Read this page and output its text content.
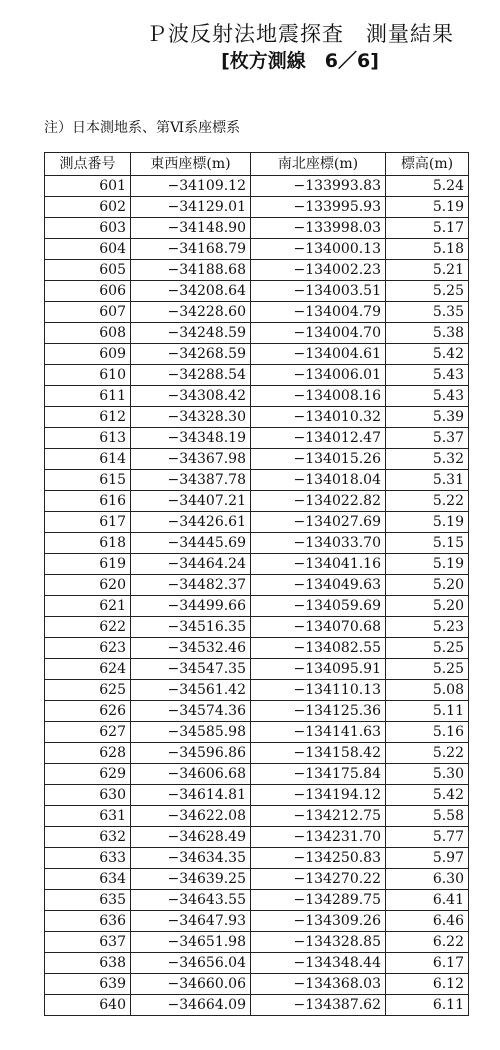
Ｐ波反射法地震探査　測量結果
[枚方測線　6／6]
注）日本測地系、第Ⅵ系座標系
測点番号	東西座標(m)	南北座標(m)	標高(m)
601	−34109.12	−133993.83	5.24
602	−34129.01	−133995.93	5.19
603	−34148.90	−133998.03	5.17
604	−34168.79	−134000.13	5.18
605	−34188.68	−134002.23	5.21
606	−34208.64	−134003.51	5.25
607	−34228.60	−134004.79	5.35
608	−34248.59	−134004.70	5.38
609	−34268.59	−134004.61	5.42
610	−34288.54	−134006.01	5.43
611	−34308.42	−134008.16	5.43
612	−34328.30	−134010.32	5.39
613	−34348.19	−134012.47	5.37
614	−34367.98	−134015.26	5.32
615	−34387.78	−134018.04	5.31
616	−34407.21	−134022.82	5.22
617	−34426.61	−134027.69	5.19
618	−34445.69	−134033.70	5.15
619	−34464.24	−134041.16	5.19
620	−34482.37	−134049.63	5.20
621	−34499.66	−134059.69	5.20
622	−34516.35	−134070.68	5.23
623	−34532.46	−134082.55	5.25
624	−34547.35	−134095.91	5.25
625	−34561.42	−134110.13	5.08
626	−34574.36	−134125.36	5.11
627	−34585.98	−134141.63	5.16
628	−34596.86	−134158.42	5.22
629	−34606.68	−134175.84	5.30
630	−34614.81	−134194.12	5.42
631	−34622.08	−134212.75	5.58
632	−34628.49	−134231.70	5.77
633	−34634.35	−134250.83	5.97
634	−34639.25	−134270.22	6.30
635	−34643.55	−134289.75	6.41
636	−34647.93	−134309.26	6.46
637	−34651.98	−134328.85	6.22
638	−34656.04	−134348.44	6.17
639	−34660.06	−134368.03	6.12
640	−34664.09	−134387.62	6.11
